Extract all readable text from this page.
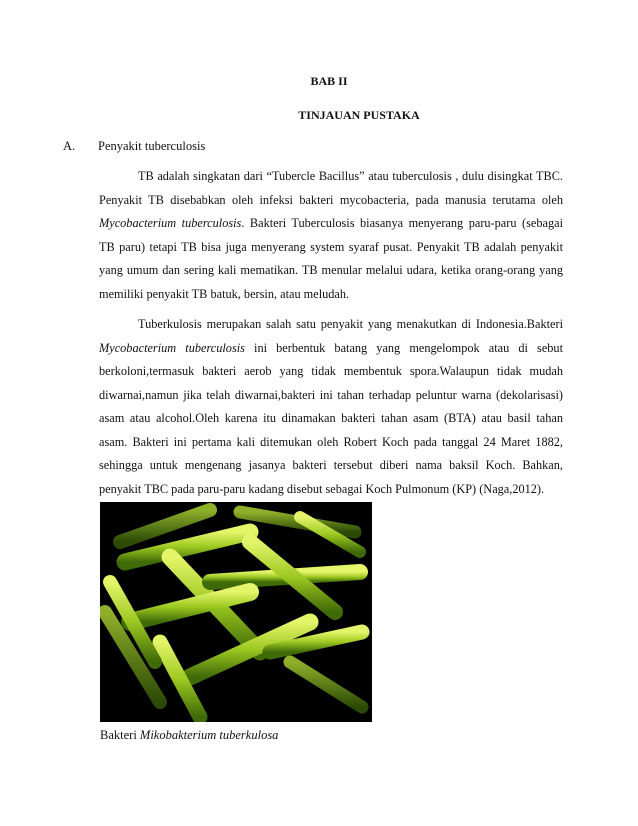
BAB II
TINJAUAN PUSTAKA
A. Penyakit tuberculosis

TB adalah singkatan dari “Tubercle Bacillus” atau tuberculosis , dulu disingkat TBC. Penyakit TB disebabkan oleh infeksi bakteri mycobacteria, pada manusia terutama oleh Mycobacterium tuberculosis. Bakteri Tuberculosis biasanya menyerang paru-paru (sebagai TB paru) tetapi TB bisa juga menyerang system syaraf pusat. Penyakit TB adalah penyakit yang umum dan sering kali mematikan. TB menular melalui udara, ketika orang-orang yang memiliki penyakit TB batuk, bersin, atau meludah.

Tuberkulosis merupakan salah satu penyakit yang menakutkan di Indonesia.Bakteri Mycobacterium tuberculosis ini berbentuk batang yang mengelompok atau di sebut berkoloni,termasuk bakteri aerob yang tidak membentuk spora.Walaupun tidak mudah diwarnai,namun jika telah diwarnai,bakteri ini tahan terhadap peluntur warna (dekolarisasi) asam atau alcohol.Oleh karena itu dinamakan bakteri tahan asam (BTA) atau basil tahan asam. Bakteri ini pertama kali ditemukan oleh Robert Koch pada tanggal 24 Maret 1882, sehingga untuk mengenang jasanya bakteri tersebut diberi nama baksil Koch. Bahkan, penyakit TBC pada paru-paru kadang disebut sebagai Koch Pulmonum (KP) (Naga,2012).

Bakteri Mikobakterium tuberkulosa
